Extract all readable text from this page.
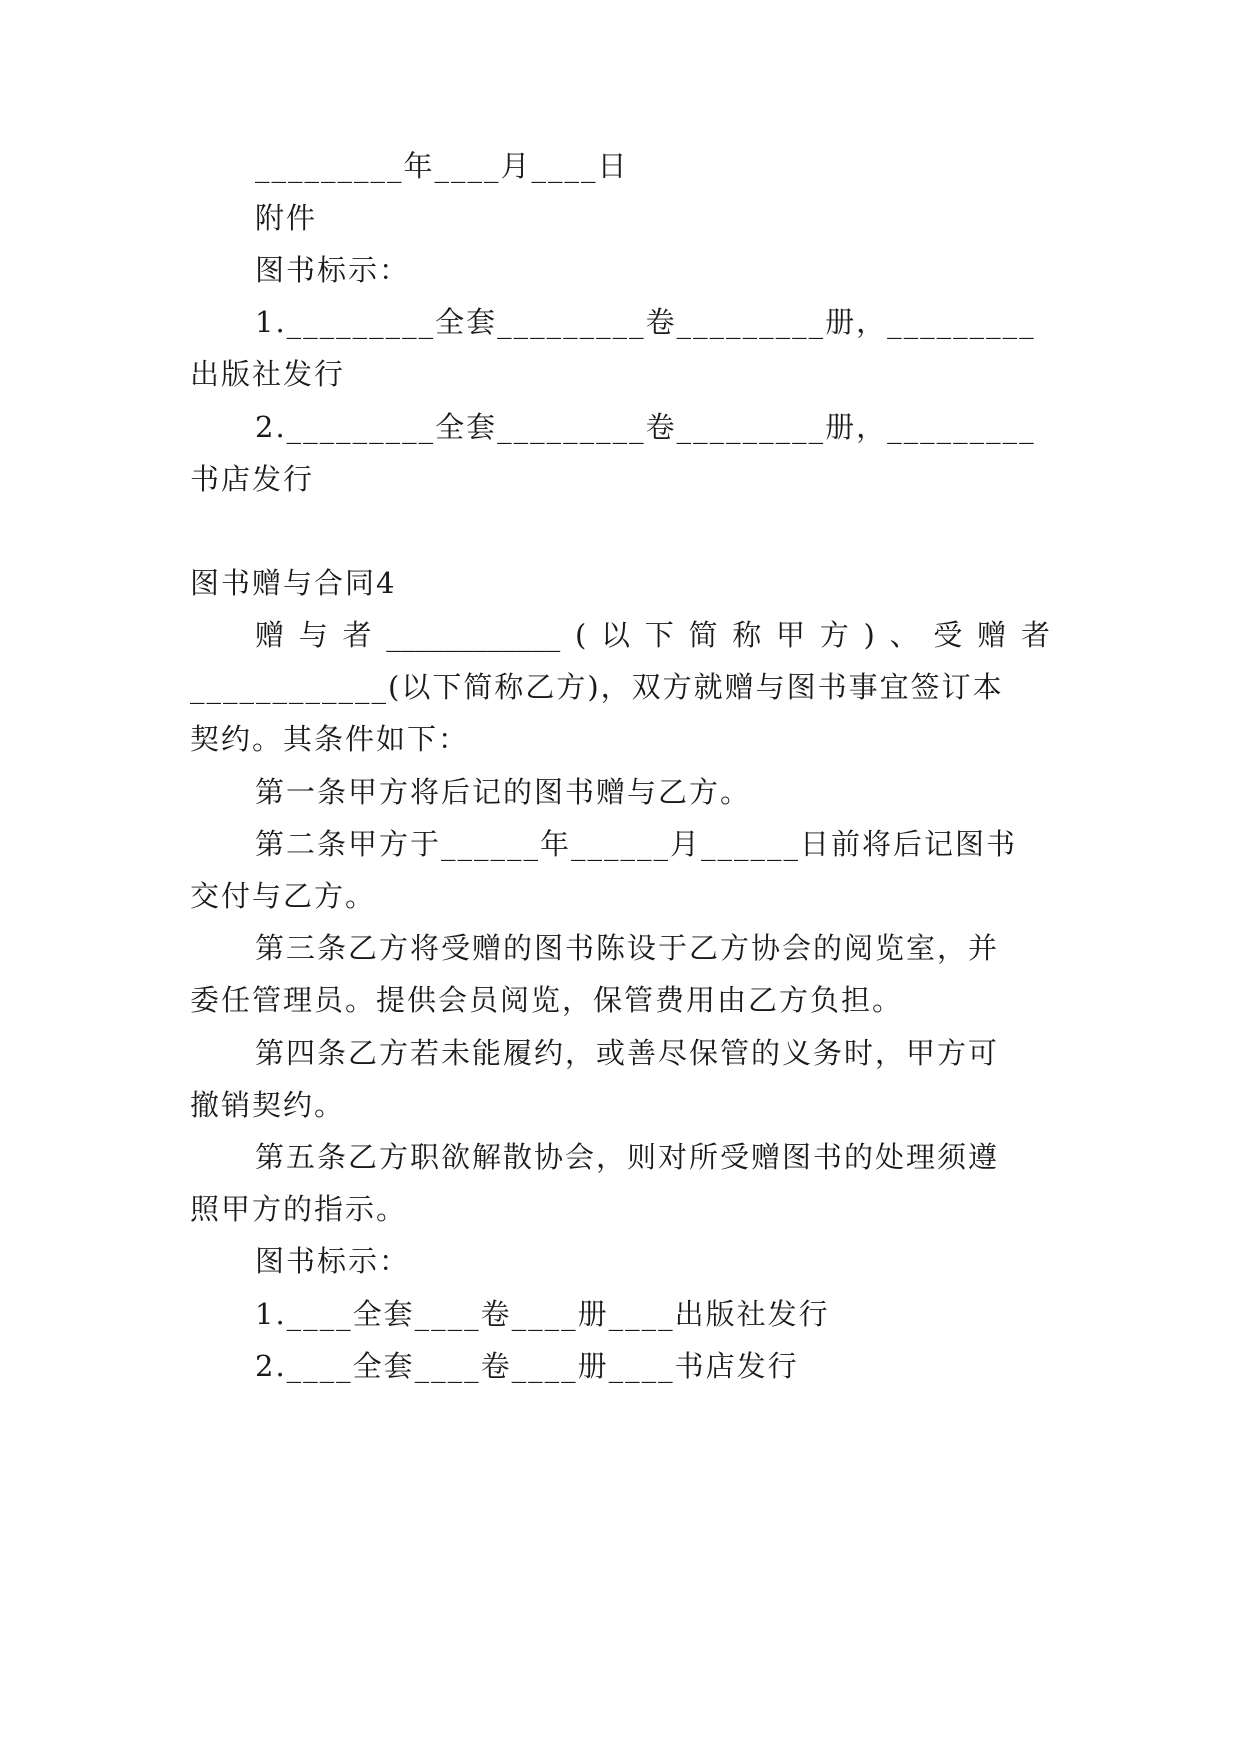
_________年____月____日
附件
图书标示：
1._________全套_________卷_________册，_________
出版社发行
2._________全套_________卷_________册，_________
书店发行
图书赠与合同4
赠 与 者 ____________ ( 以 下 简 称 甲 方 ) 、 受 赠 者
____________(以下简称乙方)，双方就赠与图书事宜签订本
契约。其条件如下：
第一条甲方将后记的图书赠与乙方。
第二条甲方于______年______月______日前将后记图书
交付与乙方。
第三条乙方将受赠的图书陈设于乙方协会的阅览室，并
委任管理员。提供会员阅览，保管费用由乙方负担。
第四条乙方若未能履约，或善尽保管的义务时，甲方可
撤销契约。
第五条乙方职欲解散协会，则对所受赠图书的处理须遵
照甲方的指示。
图书标示：
1.____全套____卷____册____出版社发行
2.____全套____卷____册____书店发行
